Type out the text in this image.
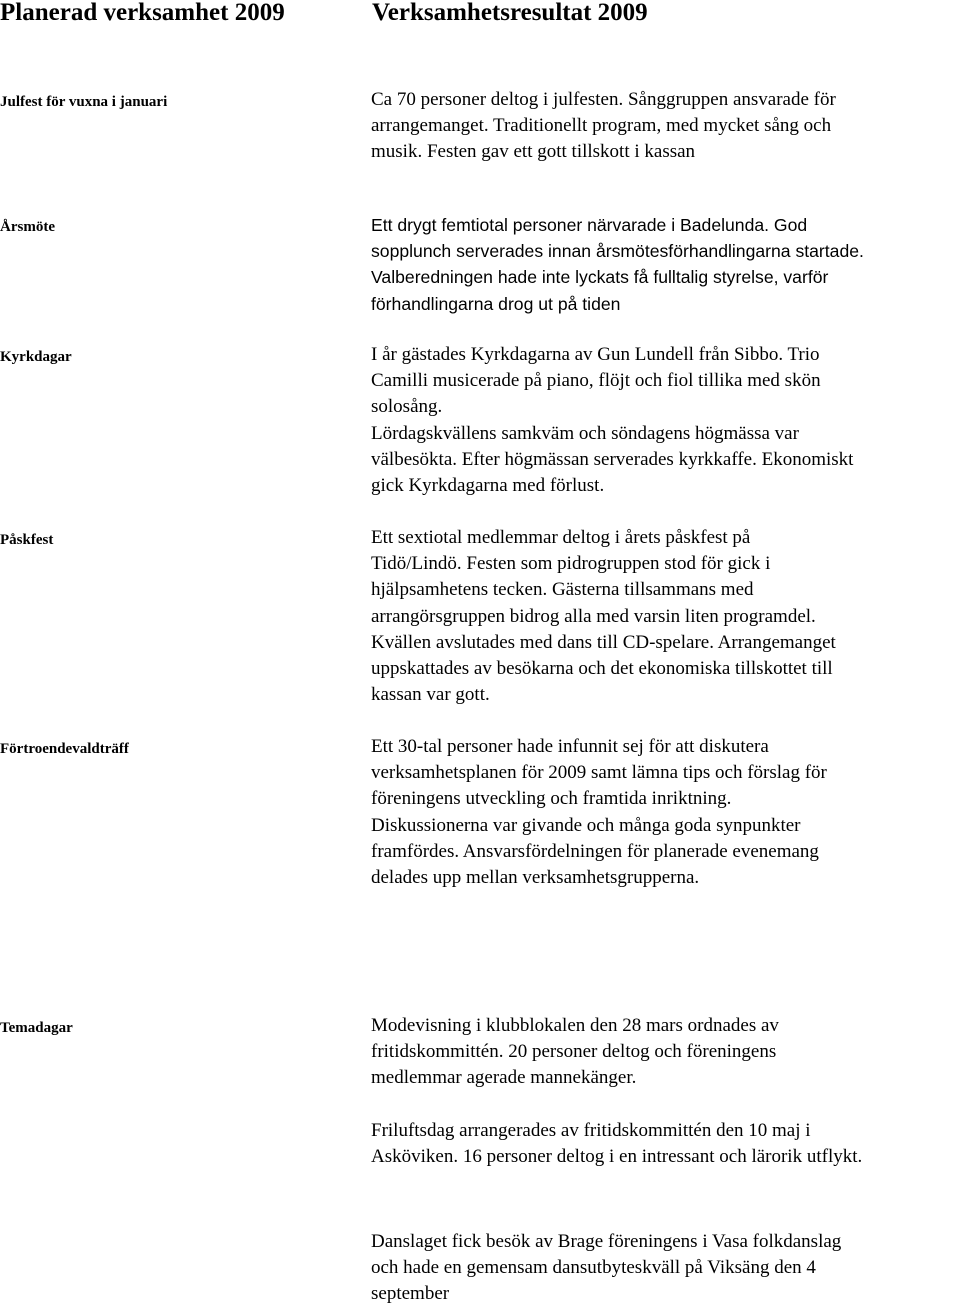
Planerad verksamhet 2009	Verksamhetsresultat 2009
Julfest för vuxna i januari	Ca 70 personer deltog i julfesten. Sånggruppen ansvarade för
arrangemanget. Traditionellt program, med mycket sång och
musik. Festen gav ett gott tillskott i kassan
Årsmöte	Ett drygt femtiotal personer närvarade i Badelunda. God
sopplunch serverades innan årsmötesförhandlingarna startade.
Valberedningen hade inte lyckats få fulltalig styrelse, varför
förhandlingarna drog ut på tiden
Kyrkdagar	I år gästades Kyrkdagarna av Gun Lundell från Sibbo. Trio
Camilli musicerade på piano, flöjt och fiol tillika med skön
solosång.
Lördagskvällens samkväm och söndagens högmässa var
välbesökta. Efter högmässan serverades kyrkkaffe. Ekonomiskt
gick Kyrkdagarna med förlust.
Påskfest	Ett sextiotal medlemmar deltog i årets påskfest på
Tidö/Lindö. Festen som pidrogruppen stod för gick i
hjälpsamhetens tecken. Gästerna tillsammans med
arrangörsgruppen bidrog alla med varsin liten programdel.
Kvällen avslutades med dans till CD-spelare. Arrangemanget
uppskattades av besökarna och det ekonomiska tillskottet till
kassan var gott.
Förtroendevaldträff	Ett 30-tal personer hade infunnit sej för att diskutera
verksamhetsplanen för 2009 samt lämna tips och förslag för
föreningens utveckling och framtida inriktning.
Diskussionerna var givande och många goda synpunkter
framfördes. Ansvarsfördelningen för planerade evenemang
delades upp mellan verksamhetsgrupperna.
Temadagar	Modevisning i klubblokalen den 28 mars ordnades av
fritidskommittén. 20 personer deltog och föreningens
medlemmar agerade mannekänger.
Friluftsdag arrangerades av fritidskommittén den 10 maj i
Asköviken. 16 personer deltog i en intressant och lärorik utflykt.
Danslaget fick besök av Brage föreningens i Vasa folkdanslag
och hade en gemensam dansutbyteskväll på Viksäng den 4
september
